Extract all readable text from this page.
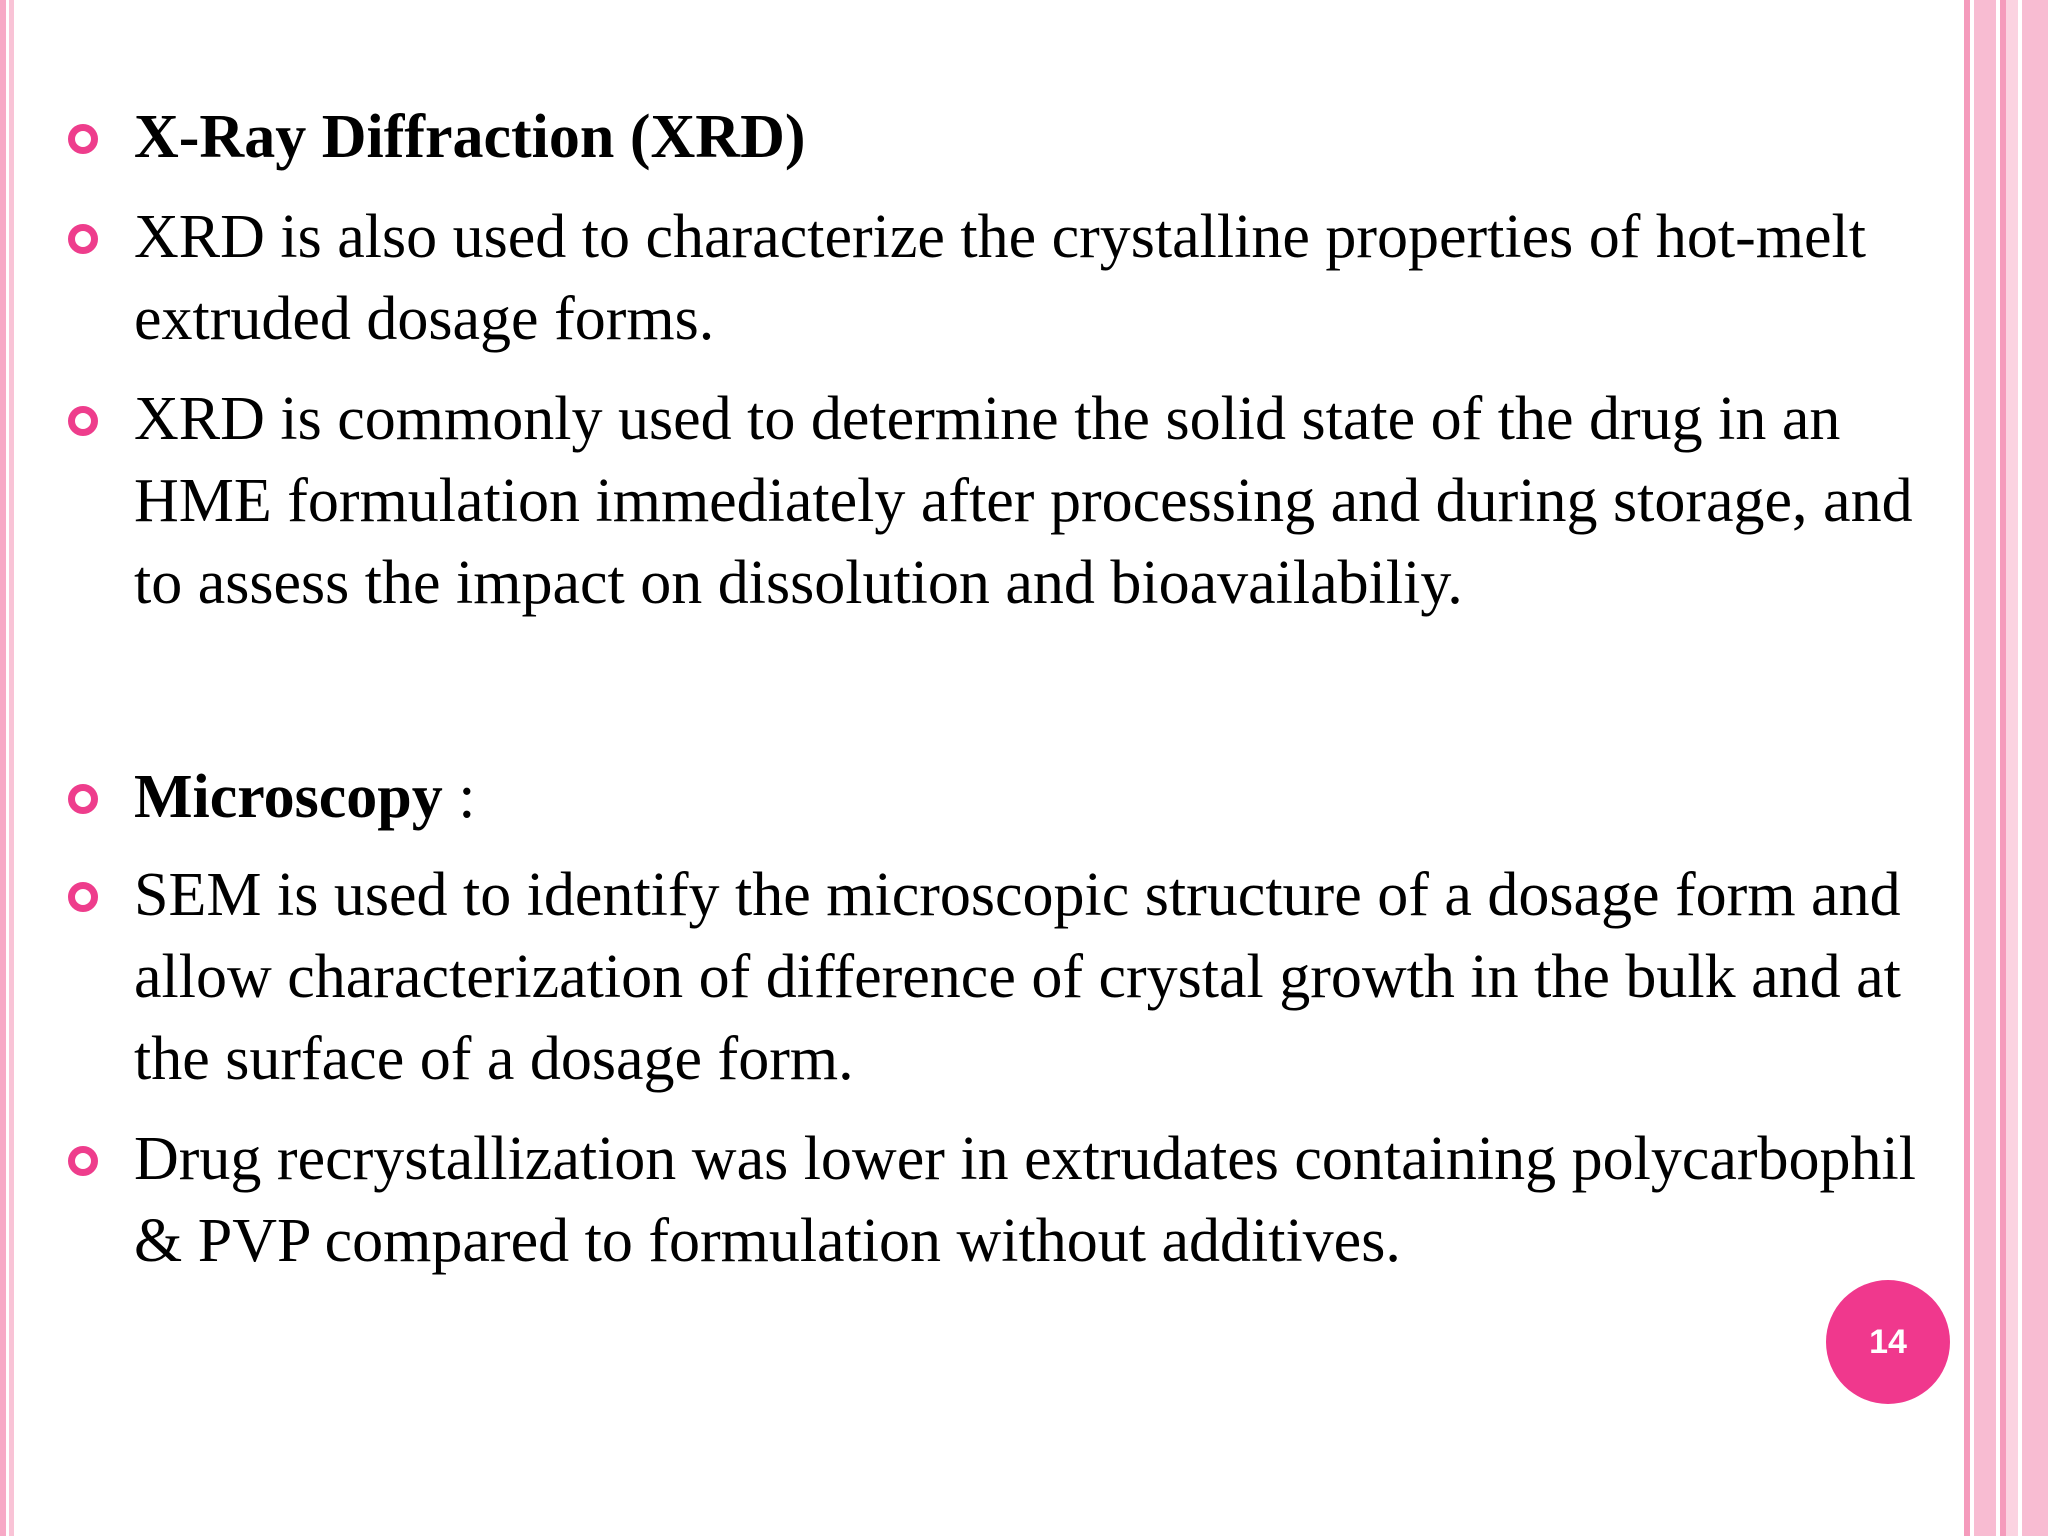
X-Ray Diffraction (XRD)
XRD is also used to characterize the crystalline properties of hot-melt extruded dosage forms.
XRD is commonly used to determine the solid state of the drug in an HME formulation immediately after processing and during storage, and to assess the impact on dissolution and bioavailabiliy.
Microscopy :
SEM is used to identify the microscopic structure of a dosage form and allow characterization of difference of crystal growth in the bulk and at the surface of a dosage form.
Drug recrystallization was lower in extrudates containing polycarbophil & PVP compared to formulation without additives.
14
